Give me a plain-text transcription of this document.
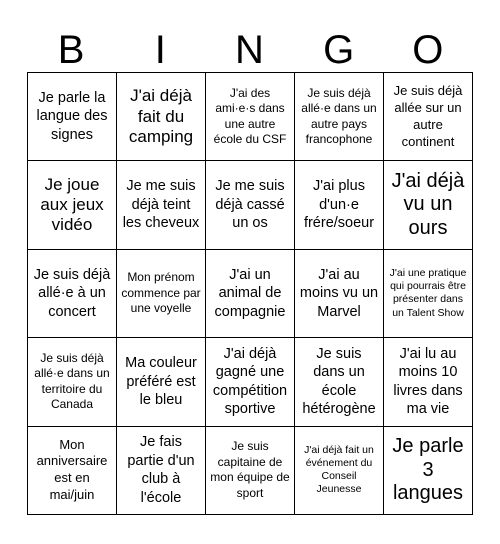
B	I	N	G	O
Je parle la langue des signes
J'ai déjà fait du camping
J'ai des ami·e·s dans une autre école du CSF
Je suis déjà allé·e dans un autre pays francophone
Je suis déjà allée sur un autre continent
Je joue aux jeux vidéo
Je me suis déjà teint les cheveux
Je me suis déjà cassé un os
J'ai plus d'un·e frére/soeur
J'ai déjà vu un ours
Je suis déjà allé·e à un concert
Mon prénom commence par une voyelle
J'ai un animal de compagnie
J'ai au moins vu un Marvel
J'ai une pratique qui pourrais être présenter dans un Talent Show
Je suis déjà allé·e dans un territoire du Canada
Ma couleur préféré est le bleu
J'ai déjà gagné une compétition sportive
Je suis dans un école hétérogène
J'ai lu au moins 10 livres dans ma vie
Mon anniversaire est en mai/juin
Je fais partie d'un club à l'école
Je suis capitaine de mon équipe de sport
J'ai déjà fait un événement du Conseil Jeunesse
Je parle 3 langues
